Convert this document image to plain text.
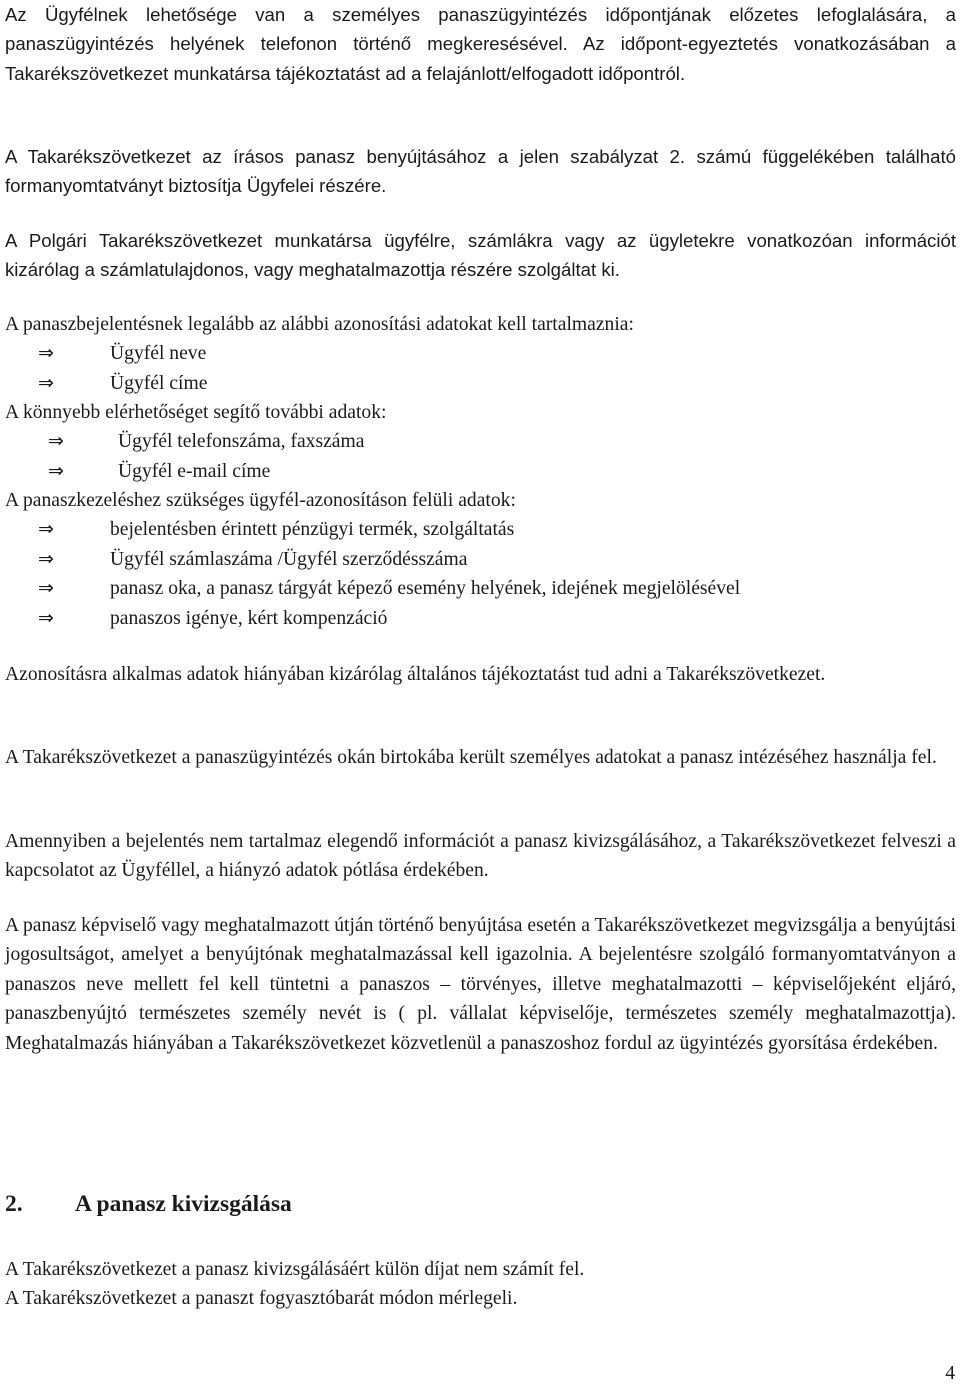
Az Ügyfélnek lehetősége van a személyes panaszügyintézés időpontjának előzetes lefoglalására, a panaszügyintézés helyének telefonon történő megkeresésével. Az időpont-egyeztetés vonatkozásában a Takarékszövetkezet munkatársa tájékoztatást ad a felajánlott/elfogadott időpontról.

A Takarékszövetkezet az írásos panasz benyújtásához a jelen szabályzat 2. számú függelékében található formanyomtatványt biztosítja Ügyfelei részére.

A Polgári Takarékszövetkezet munkatársa ügyfélre, számlákra vagy az ügyletekre vonatkozóan információt kizárólag a számlatulajdonos, vagy meghatalmazottja részére szolgáltat ki.

A panaszbejelentésnek legalább az alábbi azonosítási adatokat kell tartalmaznia:

⇒	Ügyfél neve
⇒	Ügyfél címe

A könnyebb elérhetőséget segítő további adatok:

⇒	Ügyfél telefonszáma, faxszáma
⇒	Ügyfél e-mail címe

A panaszkezeléshez szükséges ügyfél-azonosításon felüli adatok:

⇒	bejelentésben érintett pénzügyi termék, szolgáltatás
⇒	Ügyfél számlaszáma /Ügyfél szerződésszáma
⇒	panasz oka, a panasz tárgyát képező esemény helyének, idejének megjelölésével
⇒	panaszos igénye, kért kompenzáció

Azonosításra alkalmas adatok hiányában kizárólag általános tájékoztatást tud adni a Takarékszövetkezet.

A Takarékszövetkezet a panaszügyintézés okán birtokába került személyes adatokat a panasz intézéséhez használja fel.

Amennyiben a bejelentés nem tartalmaz elegendő információt a panasz kivizsgálásához, a Takarékszövetkezet felveszi a kapcsolatot az Ügyféllel, a hiányzó adatok pótlása érdekében.

A panasz képviselő vagy meghatalmazott útján történő benyújtása esetén a Takarékszövetkezet megvizsgálja a benyújtási jogosultságot, amelyet a benyújtónak meghatalmazással kell igazolnia. A bejelentésre szolgáló formanyomtatványon a panaszos neve mellett fel kell tüntetni a panaszos – törvényes, illetve meghatalmazotti – képviselőjeként eljáró, panaszbenyújtó természetes személy nevét is ( pl. vállalat képviselője, természetes személy meghatalmazottja). Meghatalmazás hiányában a Takarékszövetkezet közvetlenül a panaszoshoz fordul az ügyintézés gyorsítása érdekében.

2. A panasz kivizsgálása

A Takarékszövetkezet a panasz kivizsgálásáért külön díjat nem számít fel.

A Takarékszövetkezet a panaszt fogyasztóbarát módon mérlegeli.

4
